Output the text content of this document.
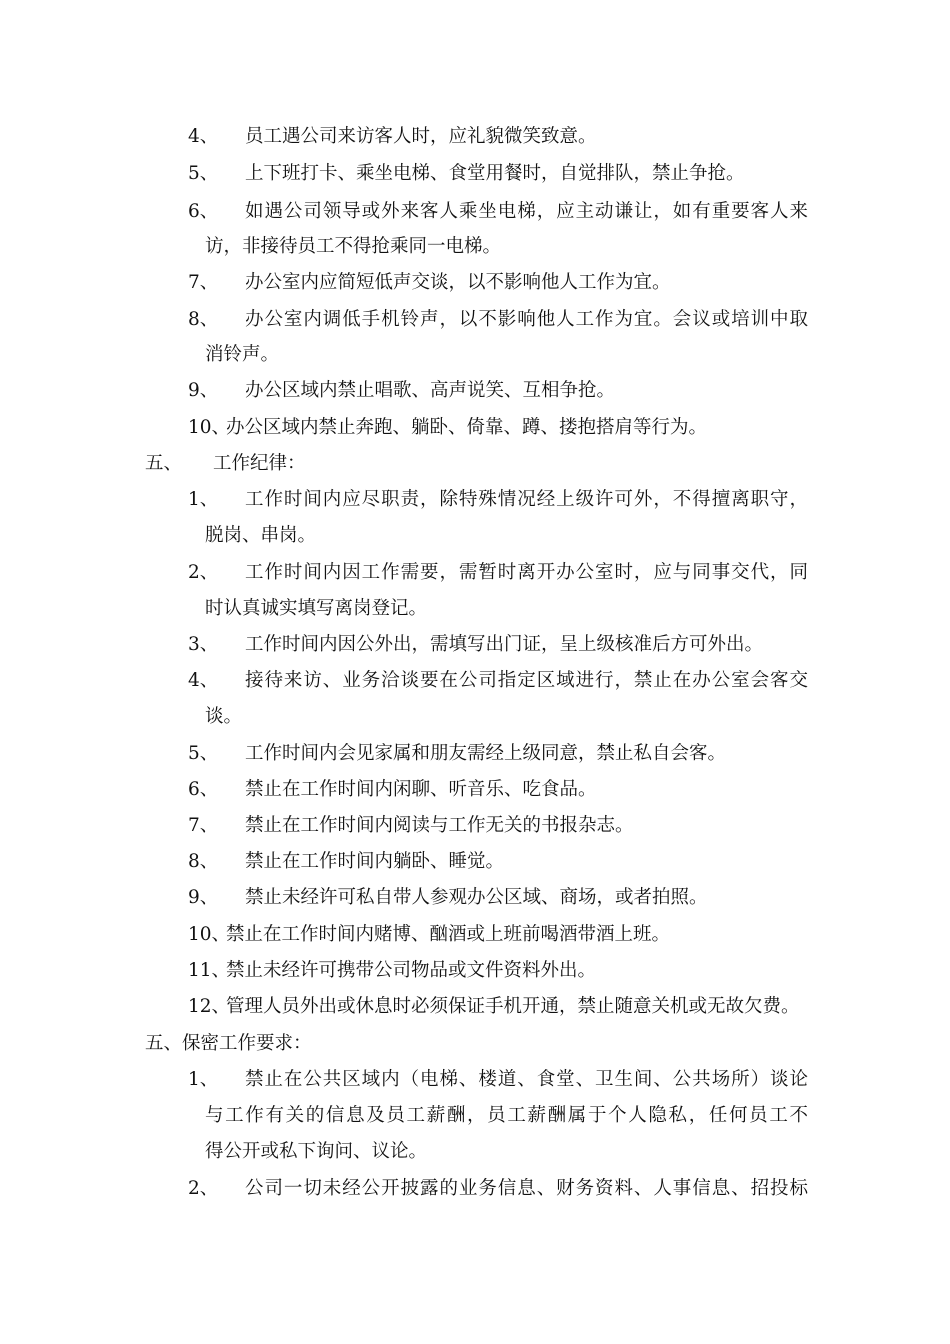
4、 员工遇公司来访客人时，应礼貌微笑致意。
5、 上下班打卡、乘坐电梯、食堂用餐时，自觉排队，禁止争抢。
6、 如遇公司领导或外来客人乘坐电梯，应主动谦让，如有重要客人来
访，非接待员工不得抢乘同一电梯。
7、 办公室内应简短低声交谈，以不影响他人工作为宜。
8、 办公室内调低手机铃声，以不影响他人工作为宜。会议或培训中取
消铃声。
9、 办公区域内禁止唱歌、高声说笑、互相争抢。
10、
办公区域内禁止奔跑、躺卧、倚靠、蹲、搂抱搭肩等行为。
五、 工作纪律：
1、 工作时间内应尽职责，除特殊情况经上级许可外，不得擅离职守，
脱岗、串岗。
2、 工作时间内因工作需要，需暂时离开办公室时，应与同事交代，同
时认真诚实填写离岗登记。
3、 工作时间内因公外出，需填写出门证，呈上级核准后方可外出。
4、 接待来访、业务洽谈要在公司指定区域进行，禁止在办公室会客交
谈。
5、 工作时间内会见家属和朋友需经上级同意，禁止私自会客。
6、 禁止在工作时间内闲聊、听音乐、吃食品。
7、 禁止在工作时间内阅读与工作无关的书报杂志。
8、 禁止在工作时间内躺卧、睡觉。
9、 禁止未经许可私自带人参观办公区域、商场，或者拍照。
10、
禁止在工作时间内赌博、酗酒或上班前喝酒带酒上班。
11、
禁止未经许可携带公司物品或文件资料外出。
12、
管理人员外出或休息时必须保证手机开通，禁止随意关机或无故欠费。
五、保密工作要求：
1、 禁止在公共区域内（电梯、楼道、食堂、卫生间、公共场所）谈论
与工作有关的信息及员工薪酬，员工薪酬属于个人隐私，任何员工不
得公开或私下询问、议论。
2、 公司一切未经公开披露的业务信息、财务资料、人事信息、招投标
